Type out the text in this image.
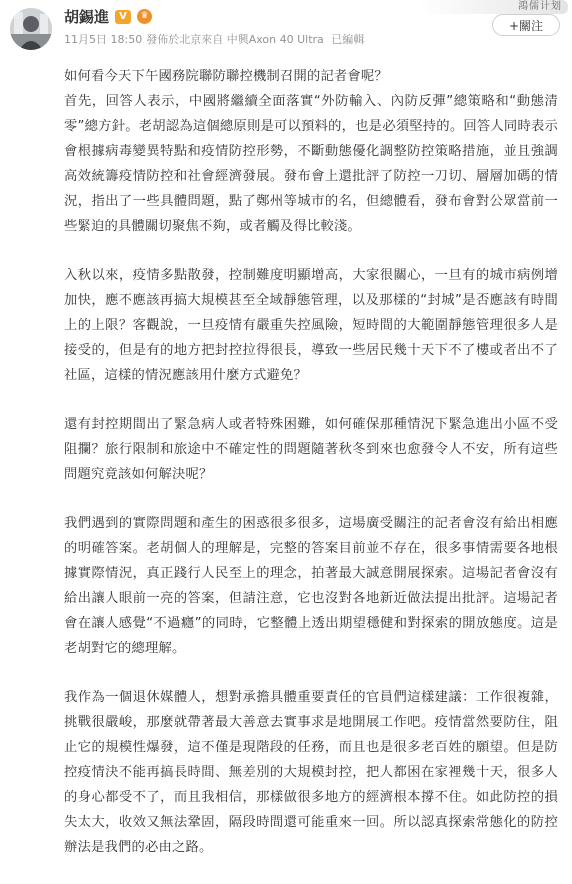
胡錫進	V	♛
11月5日 18:50 發佈於北京來自 中興Axon 40 Ultra 已編輯
鴻儒计划
+關注

如何看今天下午國務院聯防聯控機制召開的記者會呢？

首先，回答人表示，中國將繼續全面落實“外防輸入、內防反彈”總策略和“動態清零”總方針。老胡認為這個總原則是可以預料的，也是必須堅持的。回答人同時表示會根據病毒變異特點和疫情防控形勢，不斷動態優化調整防控策略措施，並且強調高效統籌疫情防控和社會經濟發展。發布會上還批評了防控一刀切、層層加碼的情況，指出了一些具體問題，點了鄭州等城市的名，但總體看，發布會對公眾當前一些緊迫的具體關切聚焦不夠，或者觸及得比較淺。

入秋以來，疫情多點散發，控制難度明顯增高，大家很關心，一旦有的城市病例增加快，應不應該再搞大規模甚至全域靜態管理，以及那樣的“封城”是否應該有時間上的上限？客觀說，一旦疫情有嚴重失控風險，短時間的大範圍靜態管理很多人是接受的，但是有的地方把封控拉得很長，導致一些居民幾十天下不了樓或者出不了社區，這樣的情況應該用什麼方式避免？

還有封控期間出了緊急病人或者特殊困難，如何確保那種情況下緊急進出小區不受阻攔？旅行限制和旅途中不確定性的問題隨著秋冬到來也愈發令人不安，所有這些問題究竟該如何解決呢？

我們遇到的實際問題和產生的困惑很多很多，這場廣受關注的記者會沒有給出相應的明確答案。老胡個人的理解是，完整的答案目前並不存在，很多事情需要各地根據實際情況，真正踐行人民至上的理念，拍著最大誠意開展探索。這場記者會沒有給出讓人眼前一亮的答案，但請注意，它也沒對各地新近做法提出批評。這場記者會在讓人感覺“不過癮”的同時，它整體上透出期望穩健和對探索的開放態度。這是老胡對它的總理解。

我作為一個退休媒體人，想對承擔具體重要責任的官員們這樣建議：工作很複雜，挑戰很嚴峻，那麼就帶著最大善意去實事求是地開展工作吧。疫情當然要防住，阻止它的規模性爆發，這不僅是現階段的任務，而且也是很多老百姓的願望。但是防控疫情決不能再搞長時間、無差別的大規模封控，把人都困在家裡幾十天，很多人的身心都受不了，而且我相信，那樣做很多地方的經濟根本撐不住。如此防控的損失太大，收效又無法鞏固，隔段時間還可能重來一回。所以認真探索常態化的防控辦法是我們的必由之路。
